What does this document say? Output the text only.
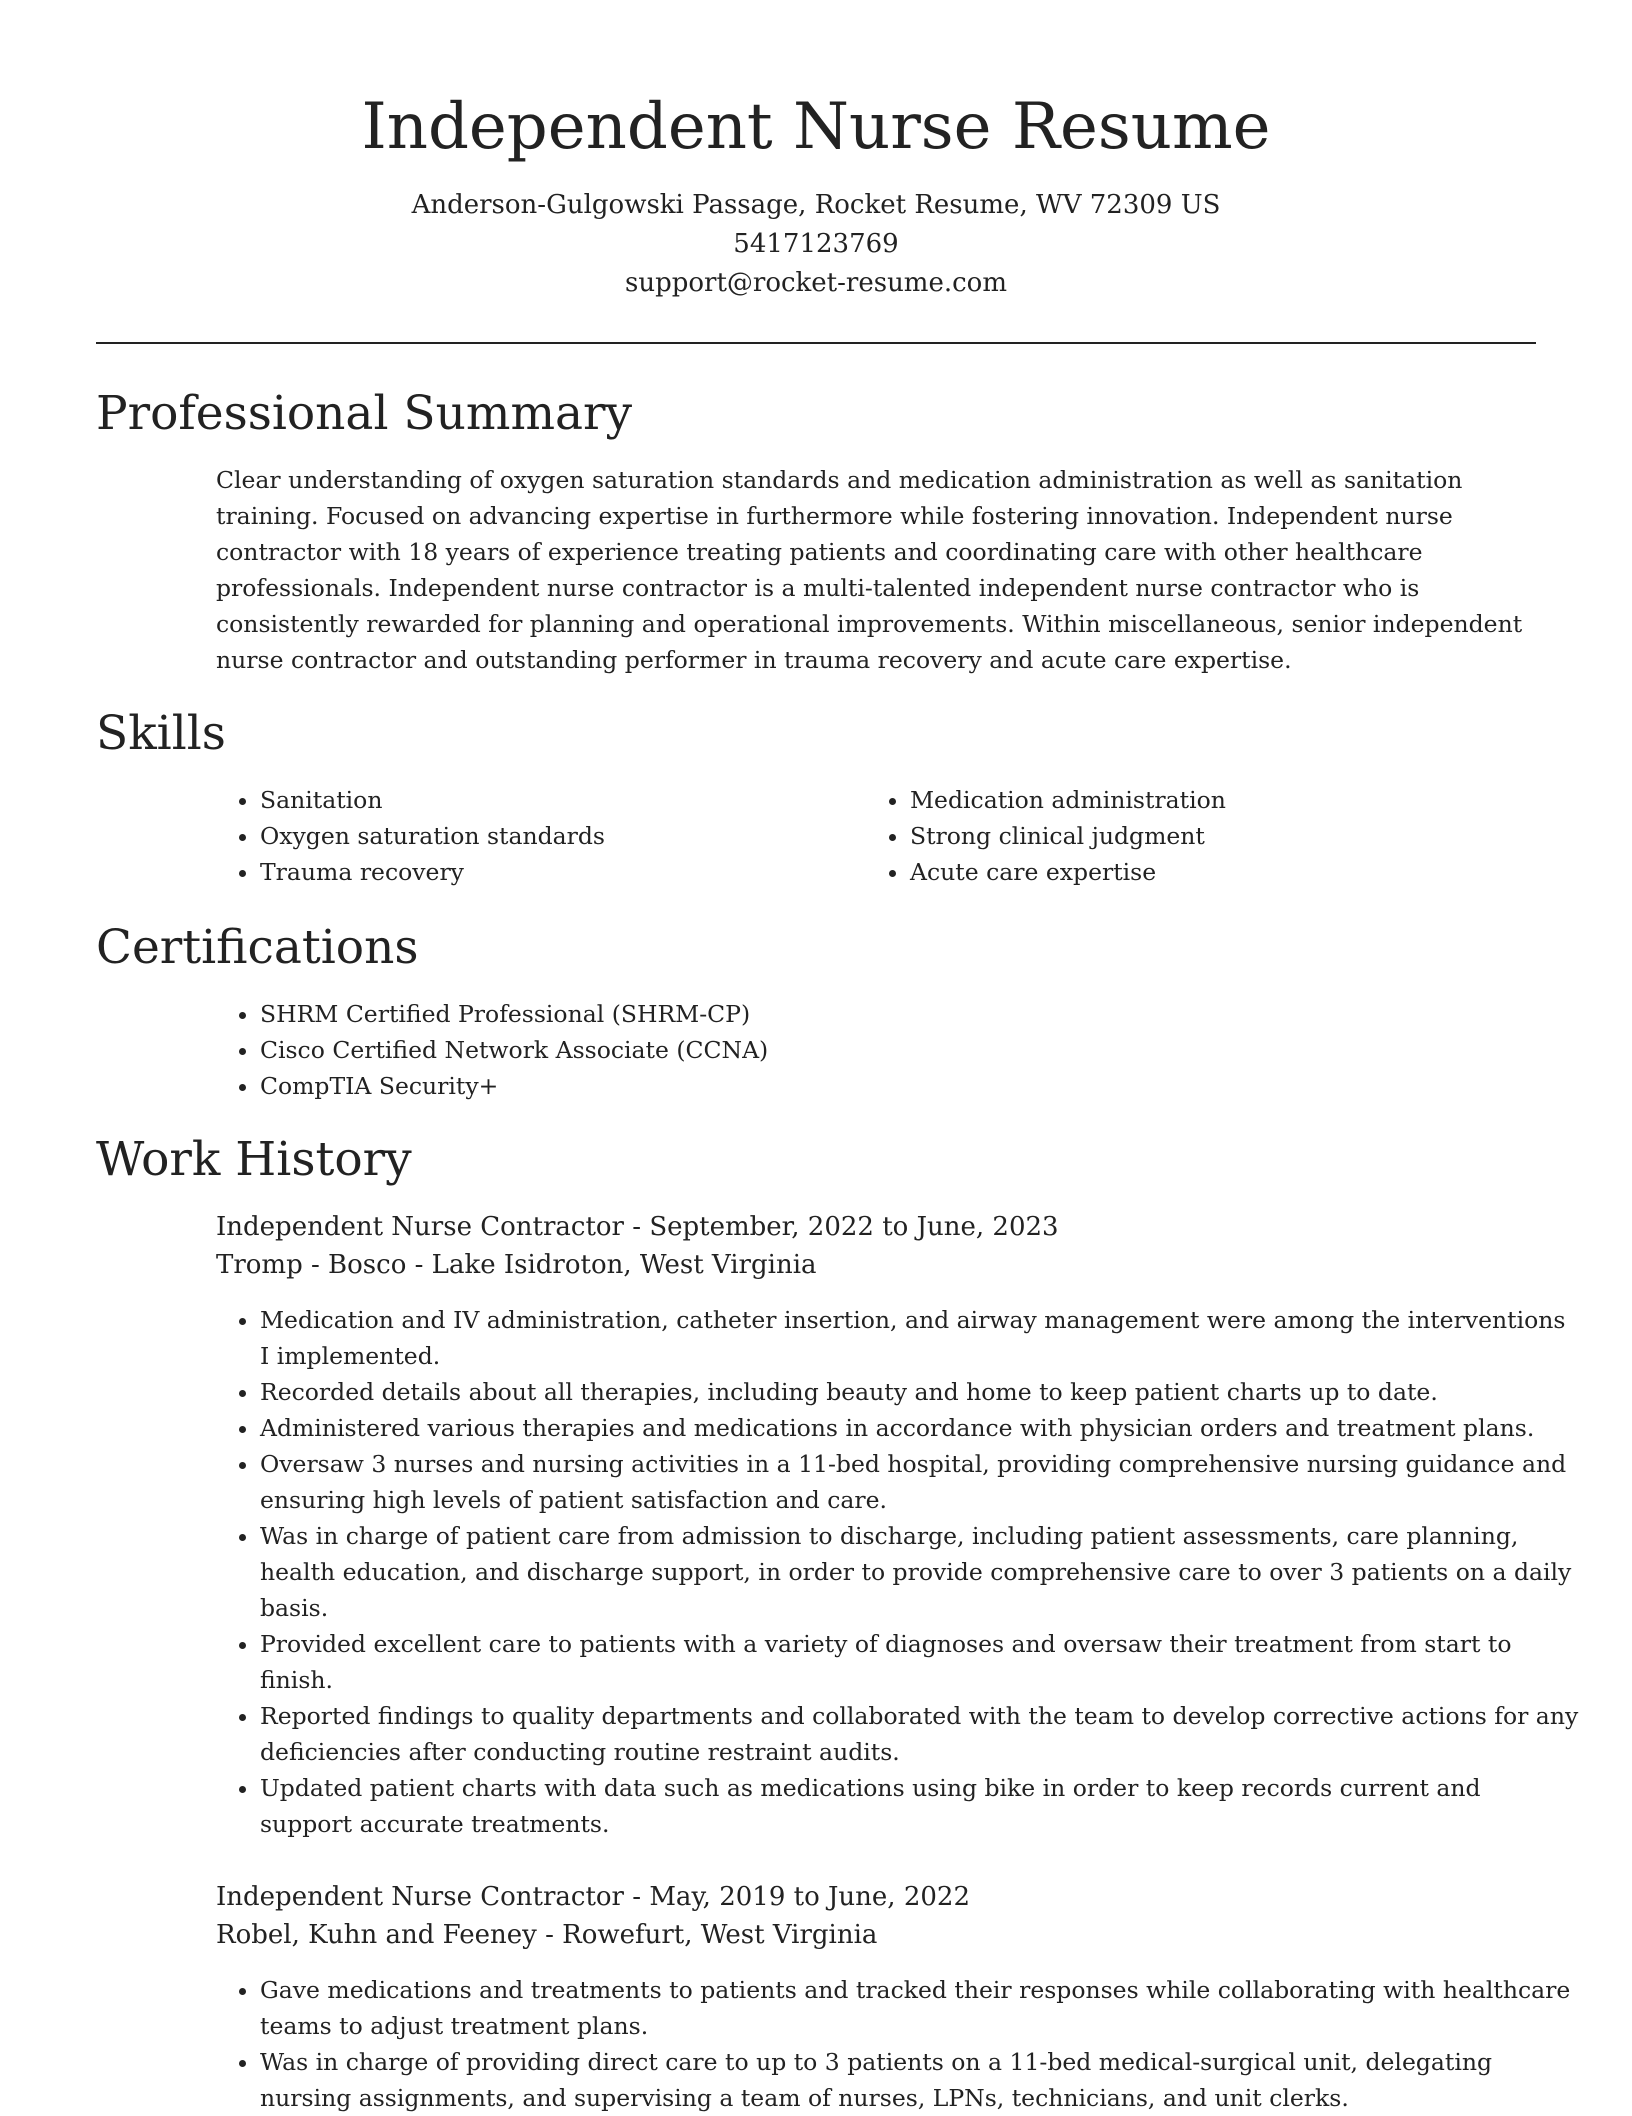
Independent Nurse Resume

Anderson-Gulgowski Passage, Rocket Resume, WV 72309 US

5417123769

support@rocket-resume.com

Professional Summary

Clear understanding of oxygen saturation standards and medication administration as well as sanitation training. Focused on advancing expertise in furthermore while fostering innovation. Independent nurse contractor with 18 years of experience treating patients and coordinating care with other healthcare professionals. Independent nurse contractor is a multi-talented independent nurse contractor who is consistently rewarded for planning and operational improvements. Within miscellaneous, senior independent nurse contractor and outstanding performer in trauma recovery and acute care expertise.

Skills
• Sanitation
• Oxygen saturation standards
• Trauma recovery
• Medication administration
• Strong clinical judgment
• Acute care expertise
Certifications
• SHRM Certified Professional (SHRM-CP)
• Cisco Certified Network Associate (CCNA)
• CompTIA Security+
Work History

Independent Nurse Contractor - September, 2022 to June, 2023

Tromp - Bosco - Lake Isidroton, West Virginia

• Medication and IV administration, catheter insertion, and airway management were among the interventions I implemented.
• Recorded details about all therapies, including beauty and home to keep patient charts up to date.
• Administered various therapies and medications in accordance with physician orders and treatment plans.
• Oversaw 3 nurses and nursing activities in a 11-bed hospital, providing comprehensive nursing guidance and ensuring high levels of patient satisfaction and care.
• Was in charge of patient care from admission to discharge, including patient assessments, care planning, health education, and discharge support, in order to provide comprehensive care to over 3 patients on a daily basis.
• Provided excellent care to patients with a variety of diagnoses and oversaw their treatment from start to finish.
• Reported findings to quality departments and collaborated with the team to develop corrective actions for any deficiencies after conducting routine restraint audits.
• Updated patient charts with data such as medications using bike in order to keep records current and support accurate treatments.

Independent Nurse Contractor - May, 2019 to June, 2022

Robel, Kuhn and Feeney - Rowefurt, West Virginia

• Gave medications and treatments to patients and tracked their responses while collaborating with healthcare teams to adjust treatment plans.
• Was in charge of providing direct care to up to 3 patients on a 11-bed medical-surgical unit, delegating nursing assignments, and supervising a team of nurses, LPNs, technicians, and unit clerks.
